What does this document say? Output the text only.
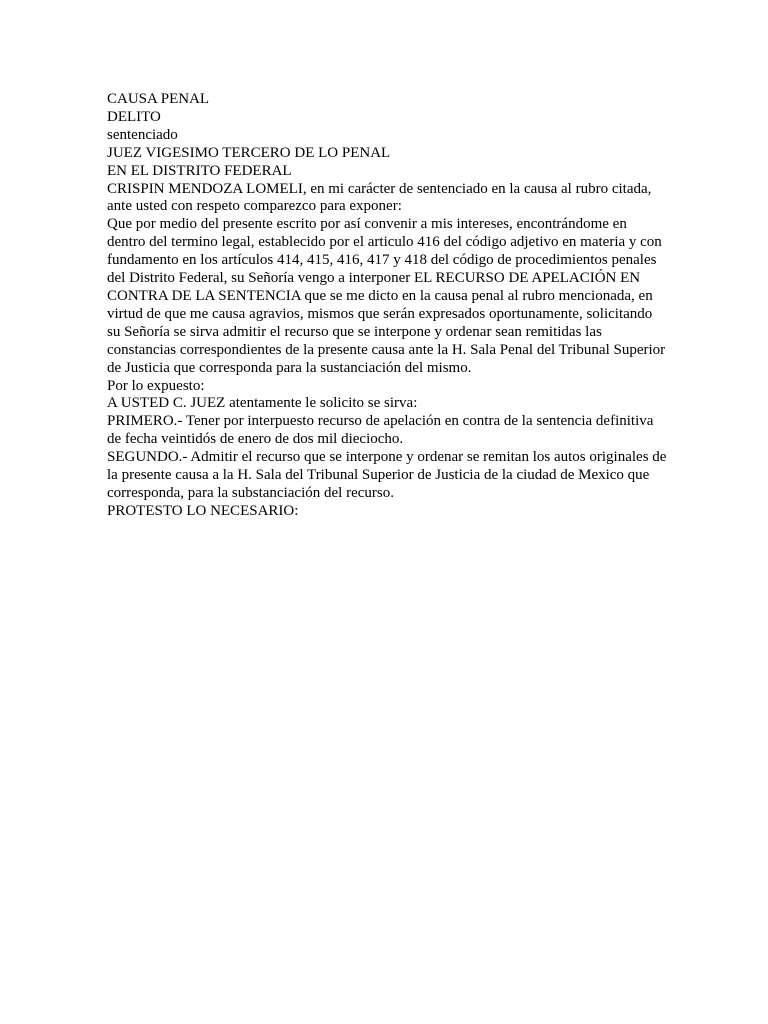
CAUSA PENAL

DELITO

sentenciado

JUEZ VIGESIMO TERCERO DE LO PENAL

EN EL DISTRITO FEDERAL

CRISPIN MENDOZA LOMELI, en mi carácter de sentenciado en la causa al rubro citada, ante usted con respeto comparezco para exponer:

Que por medio del presente escrito por así convenir a mis intereses, encontrándome en dentro del termino legal, establecido por el articulo 416 del código adjetivo en materia y con fundamento en los artículos 414, 415, 416, 417 y 418 del código de procedimientos penales del Distrito Federal, su Señoría vengo a interponer EL RECURSO DE APELACIÓN EN CONTRA DE LA SENTENCIA que se me dicto en la causa penal al rubro mencionada, en virtud de que me causa agravios, mismos que serán expresados oportunamente, solicitando su Señoría se sirva admitir el recurso que se interpone y ordenar sean remitidas las constancias correspondientes de la presente causa ante la H. Sala Penal del Tribunal Superior de Justicia que corresponda para la sustanciación del mismo.

Por lo expuesto:

A USTED C. JUEZ atentamente le solicito se sirva:

PRIMERO.- Tener por interpuesto recurso de apelación en contra de la sentencia definitiva de fecha veintidós de enero de dos mil dieciocho.

SEGUNDO.- Admitir el recurso que se interpone y ordenar se remitan los autos originales de la presente causa a la H. Sala del Tribunal Superior de Justicia de la ciudad de Mexico que corresponda, para la substanciación del recurso.

PROTESTO LO NECESARIO:
